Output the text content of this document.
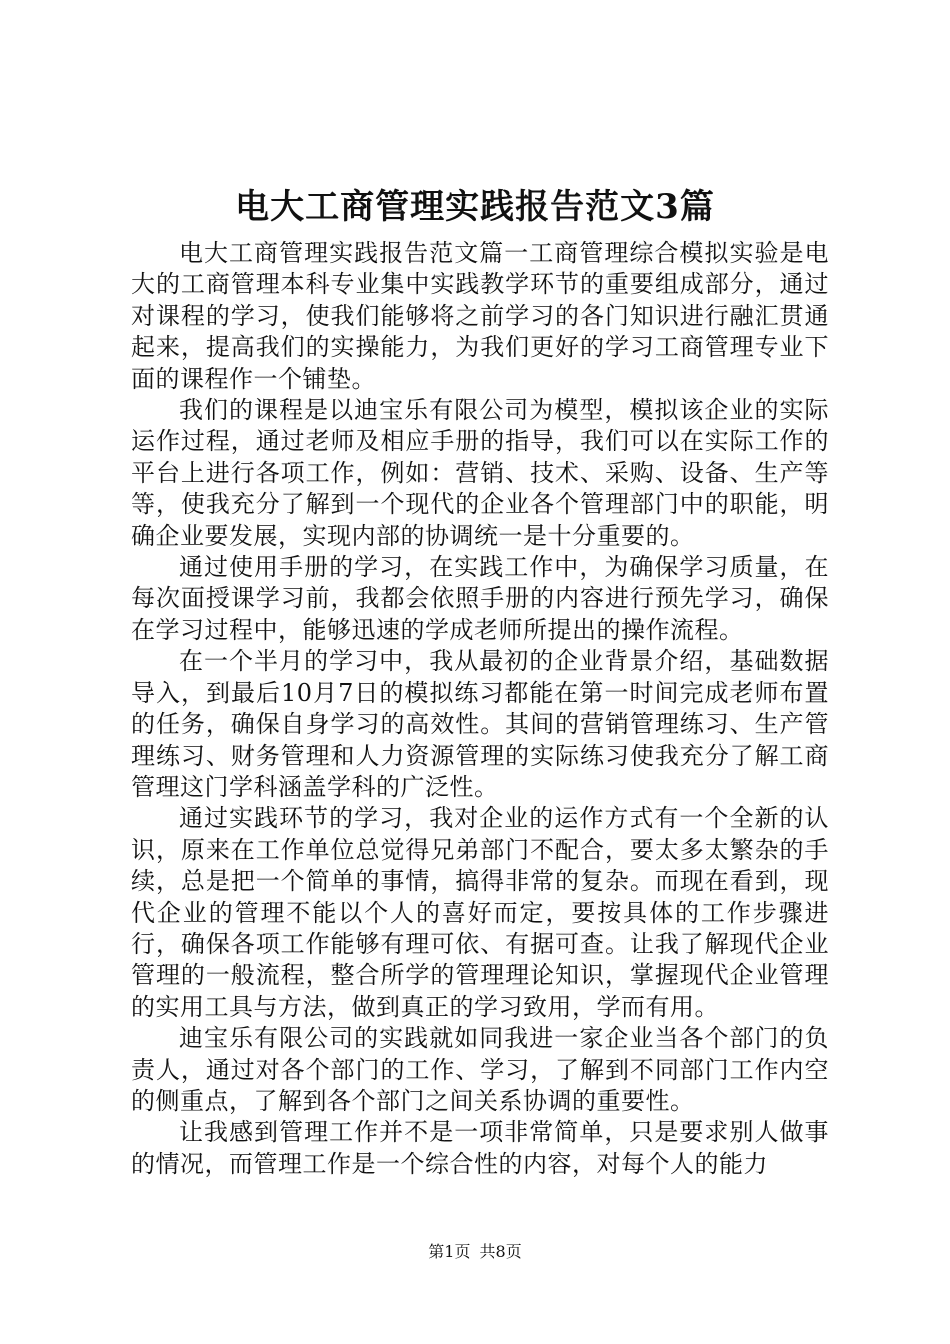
电大工商管理实践报告范文3篇

电大工商管理实践报告范文篇一工商管理综合模拟实验是电大的工商管理本科专业集中实践教学环节的重要组成部分，通过对课程的学习，使我们能够将之前学习的各门知识进行融汇贯通起来，提高我们的实操能力，为我们更好的学习工商管理专业下面的课程作一个铺垫。

我们的课程是以迪宝乐有限公司为模型，模拟该企业的实际运作过程，通过老师及相应手册的指导，我们可以在实际工作的平台上进行各项工作，例如：营销、技术、采购、设备、生产等等，使我充分了解到一个现代的企业各个管理部门中的职能，明确企业要发展，实现内部的协调统一是十分重要的。

通过使用手册的学习，在实践工作中，为确保学习质量，在每次面授课学习前，我都会依照手册的内容进行预先学习，确保在学习过程中，能够迅速的学成老师所提出的操作流程。

在一个半月的学习中，我从最初的企业背景介绍，基础数据导入，到最后10月7日的模拟练习都能在第一时间完成老师布置的任务，确保自身学习的高效性。其间的营销管理练习、生产管理练习、财务管理和人力资源管理的实际练习使我充分了解工商管理这门学科涵盖学科的广泛性。

通过实践环节的学习，我对企业的运作方式有一个全新的认识，原来在工作单位总觉得兄弟部门不配合，要太多太繁杂的手续，总是把一个简单的事情，搞得非常的复杂。而现在看到，现代企业的管理不能以个人的喜好而定，要按具体的工作步骤进行，确保各项工作能够有理可依、有据可查。让我了解现代企业管理的一般流程，整合所学的管理理论知识，掌握现代企业管理的实用工具与方法，做到真正的学习致用，学而有用。

迪宝乐有限公司的实践就如同我进一家企业当各个部门的负责人，通过对各个部门的工作、学习，了解到不同部门工作内空的侧重点，了解到各个部门之间关系协调的重要性。

让我感到管理工作并不是一项非常简单，只是要求别人做事的情况，而管理工作是一个综合性的内容，对每个人的能力

第1页 共8页
